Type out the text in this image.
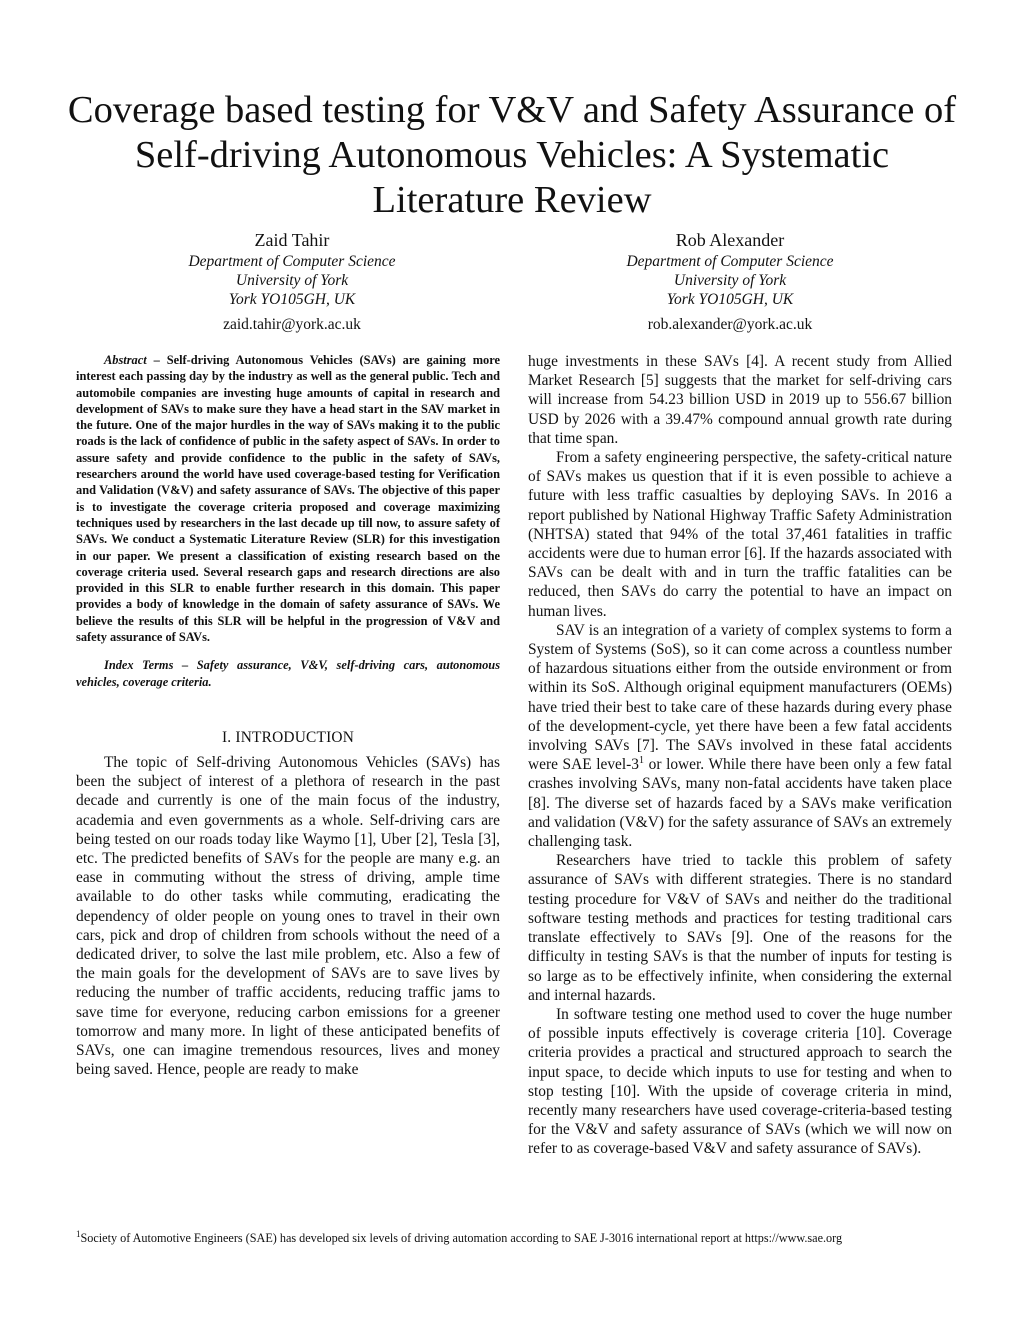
Coverage based testing for V&V and Safety Assurance of
Self-driving Autonomous Vehicles: A Systematic
Literature Review
Zaid Tahir
Department of Computer Science
University of York
York YO105GH, UK
zaid.tahir@york.ac.uk
Rob Alexander
Department of Computer Science
University of York
York YO105GH, UK
rob.alexander@york.ac.uk

Abstract – Self-driving Autonomous Vehicles (SAVs) are gaining more interest each passing day by the industry as well as the general public. Tech and automobile companies are investing huge amounts of capital in research and development of SAVs to make sure they have a head start in the SAV market in the future. One of the major hurdles in the way of SAVs making it to the public roads is the lack of confidence of public in the safety aspect of SAVs. In order to assure safety and provide confidence to the public in the safety of SAVs, researchers around the world have used coverage-based testing for Verification and Validation (V&V) and safety assurance of SAVs. The objective of this paper is to investigate the coverage criteria proposed and coverage maximizing techniques used by researchers in the last decade up till now, to assure safety of SAVs. We conduct a Systematic Literature Review (SLR) for this investigation in our paper. We present a classification of existing research based on the coverage criteria used. Several research gaps and research directions are also provided in this SLR to enable further research in this domain. This paper provides a body of knowledge in the domain of safety assurance of SAVs. We believe the results of this SLR will be helpful in the progression of V&V and safety assurance of SAVs.

Index Terms – Safety assurance, V&V, self-driving cars, autonomous vehicles, coverage criteria.

I. INTRODUCTION

The topic of Self-driving Autonomous Vehicles (SAVs) has been the subject of interest of a plethora of research in the past decade and currently is one of the main focus of the industry, academia and even governments as a whole. Self-driving cars are being tested on our roads today like Waymo [1], Uber [2], Tesla [3], etc. The predicted benefits of SAVs for the people are many e.g. an ease in commuting without the stress of driving, ample time available to do other tasks while commuting, eradicating the dependency of older people on young ones to travel in their own cars, pick and drop of children from schools without the need of a dedicated driver, to solve the last mile problem, etc. Also a few of the main goals for the development of SAVs are to save lives by reducing the number of traffic accidents, reducing traffic jams to save time for everyone, reducing carbon emissions for a greener tomorrow and many more. In light of these anticipated benefits of SAVs, one can imagine tremendous resources, lives and money being saved. Hence, people are ready to make

huge investments in these SAVs [4]. A recent study from Allied Market Research [5] suggests that the market for self-driving cars will increase from 54.23 billion USD in 2019 up to 556.67 billion USD by 2026 with a 39.47% compound annual growth rate during that time span.

From a safety engineering perspective, the safety-critical nature of SAVs makes us question that if it is even possible to achieve a future with less traffic casualties by deploying SAVs. In 2016 a report published by National Highway Traffic Safety Administration (NHTSA) stated that 94% of the total 37,461 fatalities in traffic accidents were due to human error [6]. If the hazards associated with SAVs can be dealt with and in turn the traffic fatalities can be reduced, then SAVs do carry the potential to have an impact on human lives.

SAV is an integration of a variety of complex systems to form a System of Systems (SoS), so it can come across a countless number of hazardous situations either from the outside environment or from within its SoS. Although original equipment manufacturers (OEMs) have tried their best to take care of these hazards during every phase of the development-cycle, yet there have been a few fatal accidents involving SAVs [7]. The SAVs involved in these fatal accidents were SAE level-$3^1$ or lower. While there have been only a few fatal crashes involving SAVs, many non-fatal accidents have taken place [8]. The diverse set of hazards faced by a SAVs make verification and validation (V&V) for the safety assurance of SAVs an extremely challenging task.

Researchers have tried to tackle this problem of safety assurance of SAVs with different strategies. There is no standard testing procedure for V&V of SAVs and neither do the traditional software testing methods and practices for testing traditional cars translate effectively to SAVs [9]. One of the reasons for the difficulty in testing SAVs is that the number of inputs for testing is so large as to be effectively infinite, when considering the external and internal hazards.

In software testing one method used to cover the huge number of possible inputs effectively is coverage criteria [10]. Coverage criteria provides a practical and structured approach to search the input space, to decide which inputs to use for testing and when to stop testing [10]. With the upside of coverage criteria in mind, recently many researchers have used coverage-criteria-based testing for the V&V and safety assurance of SAVs (which we will now on refer to as coverage-based V&V and safety assurance of SAVs).

$^1$Society of Automotive Engineers (SAE) has developed six levels of driving automation according to SAE J-3016 international report at https://www.sae.org
